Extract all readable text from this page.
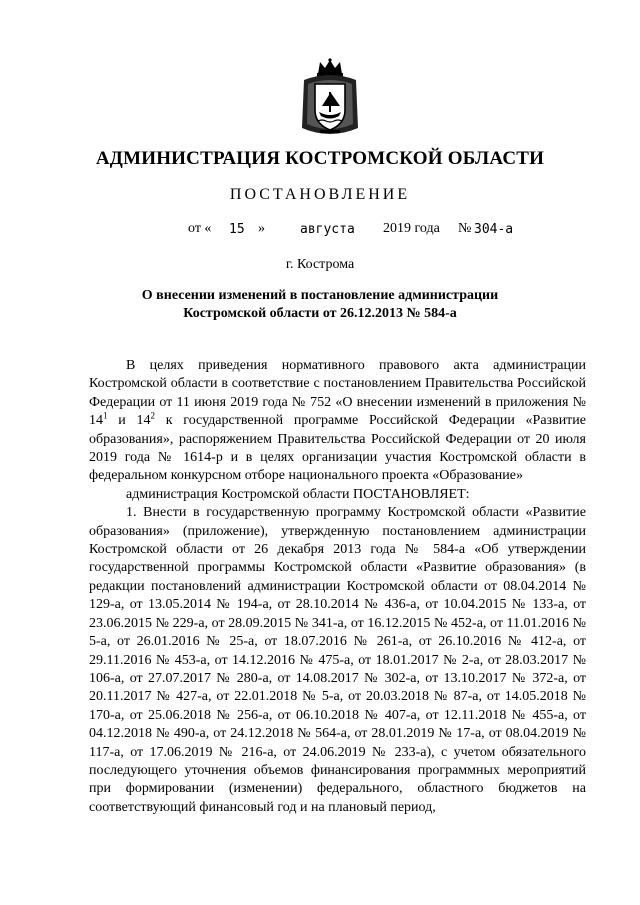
АДМИНИСТРАЦИЯ КОСТРОМСКОЙ ОБЛАСТИ
ПОСТАНОВЛЕНИЕ
от « 15 »	августа 2019 года № 304-а
г. Кострома
О внесении изменений в постановление администрации
Костромской области от 26.12.2013 № 584-а

В целях приведения нормативного правового акта администрации Костромской области в соответствие с постановлением Правительства Российской Федерации от 11 июня 2019 года № 752 «О внесении изменений в приложения № $14^1$ и $14^2$ к государственной программе Российской Федерации «Развитие образования», распоряжением Правительства Российской Федерации от 20 июля 2019 года № 1614-р и в целях организации участия Костромской области в федеральном конкурсном отборе национального проекта «Образование»

администрация Костромской области ПОСТАНОВЛЯЕТ:

1. Внести в государственную программу Костромской области «Развитие образования» (приложение), утвержденную постановлением администрации Костромской области от 26 декабря 2013 года № 584-а «Об утверждении государственной программы Костромской области «Развитие образования» (в редакции постановлений администрации Костромской области от 08.04.2014 № 129-а, от 13.05.2014 № 194-а, от 28.10.2014 № 436-а, от 10.04.2015 № 133-а, от 23.06.2015 № 229-а, от 28.09.2015 № 341-а, от 16.12.2015 № 452-а, от 11.01.2016 № 5-а, от 26.01.2016 № 25-а, от 18.07.2016 № 261-а, от 26.10.2016 № 412-а, от 29.11.2016 № 453-а, от 14.12.2016 № 475-а, от 18.01.2017 № 2-а, от 28.03.2017 № 106-а, от 27.07.2017 № 280-а, от 14.08.2017 № 302-а, от 13.10.2017 № 372-а, от 20.11.2017 № 427-а, от 22.01.2018 № 5-а, от 20.03.2018 № 87-а, от 14.05.2018 № 170-а, от 25.06.2018 № 256-а, от 06.10.2018 № 407-а, от 12.11.2018 № 455-а, от 04.12.2018 № 490-а, от 24.12.2018 № 564-а, от 28.01.2019 № 17-а, от 08.04.2019 № 117-а, от 17.06.2019 № 216-а, от 24.06.2019 № 233-а), с учетом обязательного последующего уточнения объемов финансирования программных мероприятий при формировании (изменении) федерального, областного бюджетов на соответствующий финансовый год и на плановый период,
